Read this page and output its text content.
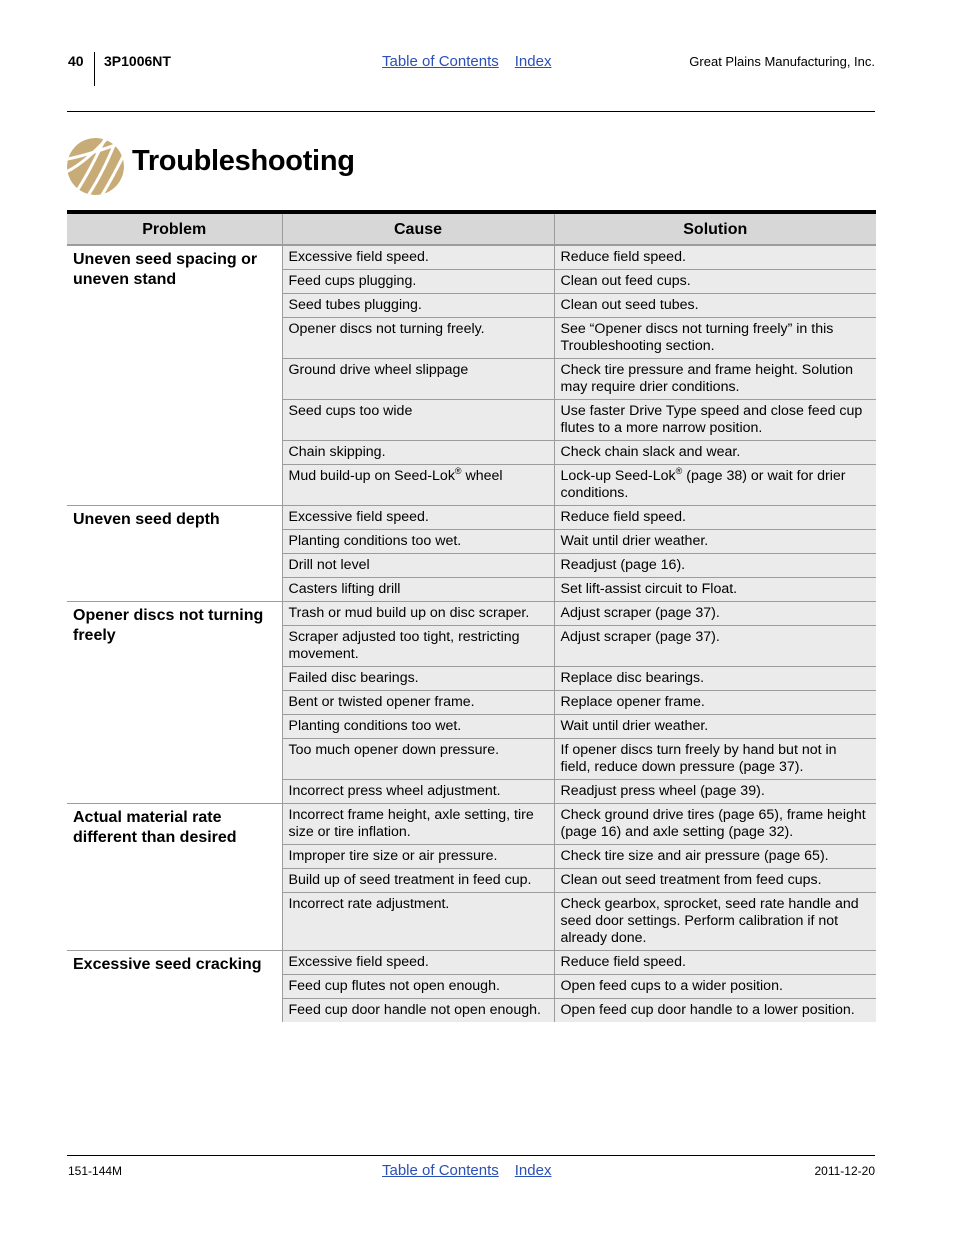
40 3P1006NT	Table of Contents Index	Great Plains Manufacturing, Inc.
Troubleshooting
Problem	Cause	Solution
Uneven seed spacing or uneven stand	Excessive field speed.	Reduce field speed.
	Feed cups plugging.	Clean out feed cups.
	Seed tubes plugging.	Clean out seed tubes.
	Opener discs not turning freely.	See “Opener discs not turning freely” in this Troubleshooting section.
	Ground drive wheel slippage	Check tire pressure and frame height. Solution may require drier conditions.
	Seed cups too wide	Use faster Drive Type speed and close feed cup flutes to a more narrow position.
	Chain skipping.	Check chain slack and wear.
	Mud build-up on Seed-Lok® wheel	Lock-up Seed-Lok® (page 38) or wait for drier conditions.
Uneven seed depth	Excessive field speed.	Reduce field speed.
	Planting conditions too wet.	Wait until drier weather.
	Drill not level	Readjust (page 16).
	Casters lifting drill	Set lift-assist circuit to Float.
Opener discs not turning freely	Trash or mud build up on disc scraper.	Adjust scraper (page 37).
	Scraper adjusted too tight, restricting movement.	Adjust scraper (page 37).
	Failed disc bearings.	Replace disc bearings.
	Bent or twisted opener frame.	Replace opener frame.
	Planting conditions too wet.	Wait until drier weather.
	Too much opener down pressure.	If opener discs turn freely by hand but not in field, reduce down pressure (page 37).
	Incorrect press wheel adjustment.	Readjust press wheel (page 39).
Actual material rate different than desired	Incorrect frame height, axle setting, tire size or tire inflation.	Check ground drive tires (page 65), frame height (page 16) and axle setting (page 32).
	Improper tire size or air pressure.	Check tire size and air pressure (page 65).
	Build up of seed treatment in feed cup.	Clean out seed treatment from feed cups.
	Incorrect rate adjustment.	Check gearbox, sprocket, seed rate handle and seed door settings. Perform calibration if not already done.
Excessive seed cracking	Excessive field speed.	Reduce field speed.
	Feed cup flutes not open enough.	Open feed cups to a wider position.
	Feed cup door handle not open enough.	Open feed cup door handle to a lower position.
151-144M	Table of Contents Index	2011-12-20
